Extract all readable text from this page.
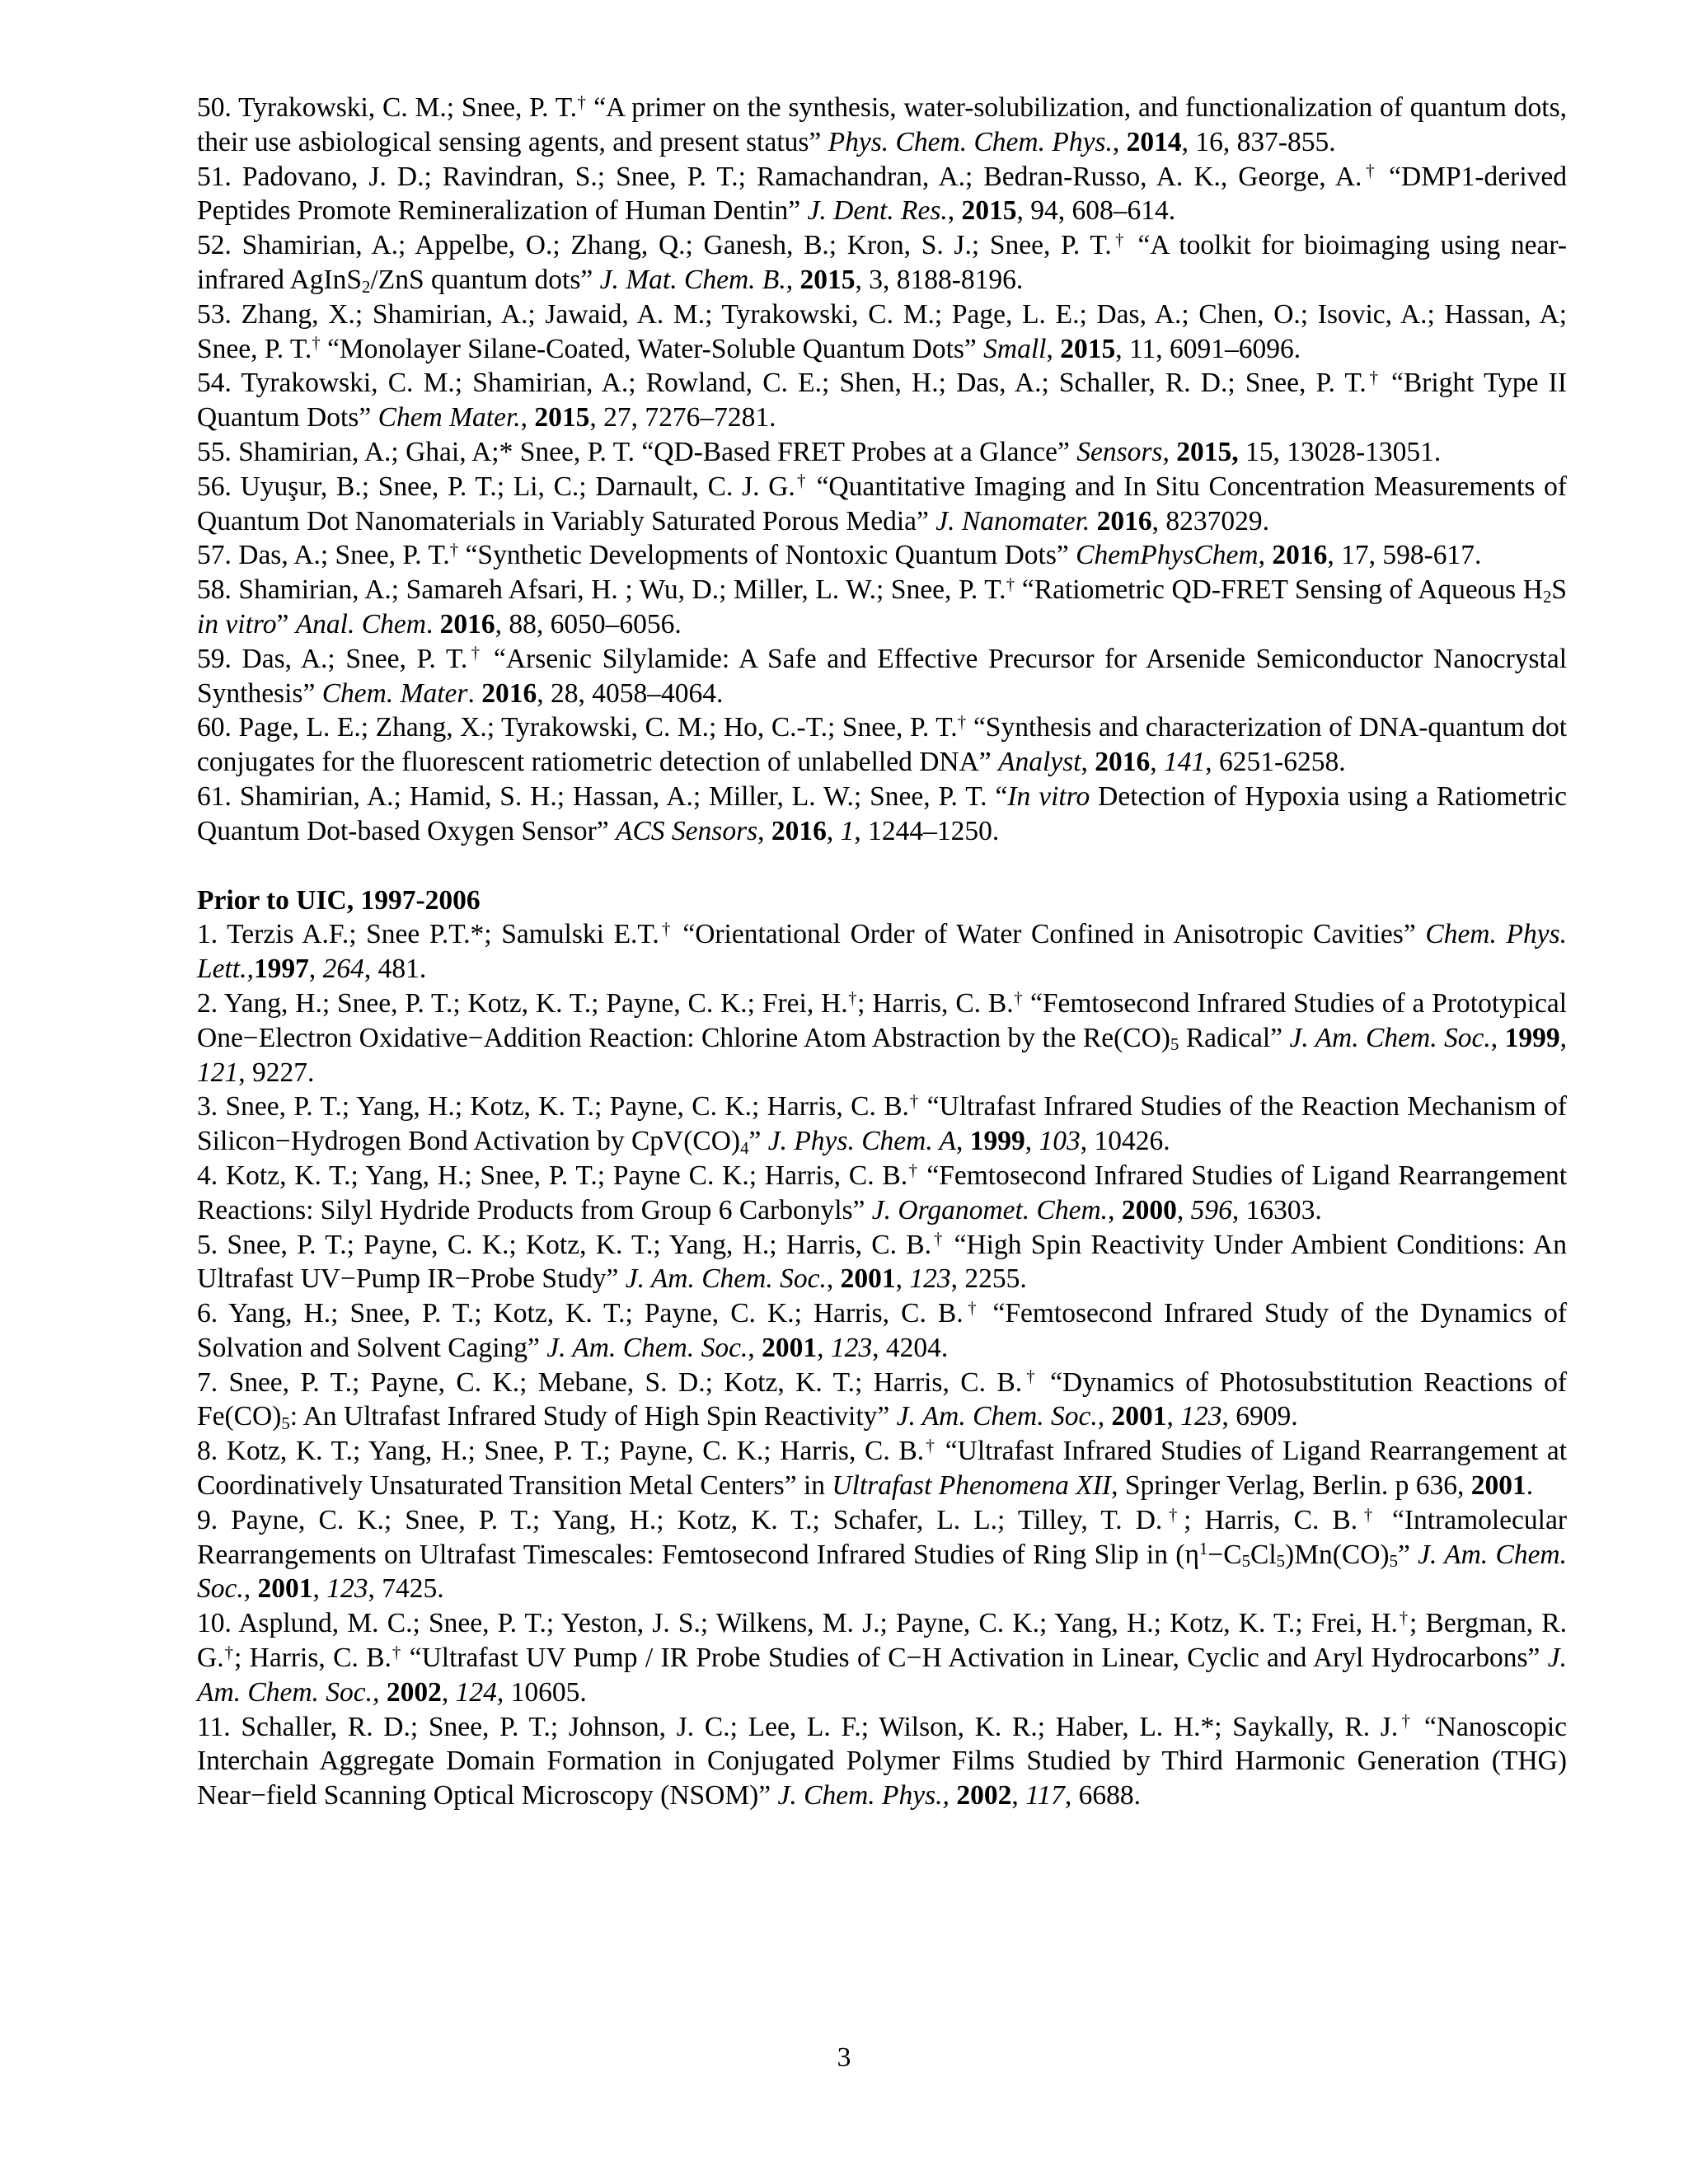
50. Tyrakowski, C. M.; Snee, P. T.† “A primer on the synthesis, water-solubilization, and functionalization of quantum dots, their use asbiological sensing agents, and present status” Phys. Chem. Chem. Phys., 2014, 16, 837-855.

51. Padovano, J. D.; Ravindran, S.; Snee, P. T.; Ramachandran, A.; Bedran-Russo, A. K., George, A.† “DMP1-derived Peptides Promote Remineralization of Human Dentin” J. Dent. Res., 2015, 94, 608–614.

52. Shamirian, A.; Appelbe, O.; Zhang, Q.; Ganesh, B.; Kron, S. J.; Snee, P. T.† “A toolkit for bioimaging using near-infrared AgInS$_2$/ZnS quantum dots” J. Mat. Chem. B., 2015, 3, 8188-8196.

53. Zhang, X.; Shamirian, A.; Jawaid, A. M.; Tyrakowski, C. M.; Page, L. E.; Das, A.; Chen, O.; Isovic, A.; Hassan, A; Snee, P. T.† “Monolayer Silane-Coated, Water-Soluble Quantum Dots” Small, 2015, 11, 6091–6096.

54. Tyrakowski, C. M.; Shamirian, A.; Rowland, C. E.; Shen, H.; Das, A.; Schaller, R. D.; Snee, P. T.† “Bright Type II Quantum Dots” Chem Mater., 2015, 27, 7276–7281.

55. Shamirian, A.; Ghai, A;* Snee, P. T. “QD-Based FRET Probes at a Glance” Sensors, 2015, 15, 13028-13051.

56. Uyuşur, B.; Snee, P. T.; Li, C.; Darnault, C. J. G.† “Quantitative Imaging and In Situ Concentration Measurements of Quantum Dot Nanomaterials in Variably Saturated Porous Media” J. Nanomater. 2016, 8237029.

57. Das, A.; Snee, P. T.† “Synthetic Developments of Nontoxic Quantum Dots” ChemPhysChem, 2016, 17, 598-617.

58. Shamirian, A.; Samareh Afsari, H. ; Wu, D.; Miller, L. W.; Snee, P. T.† “Ratiometric QD-FRET Sensing of Aqueous $H_2S$ in vitro” Anal. Chem. 2016, 88, 6050–6056.

59. Das, A.; Snee, P. T.† “Arsenic Silylamide: A Safe and Effective Precursor for Arsenide Semiconductor Nanocrystal Synthesis” Chem. Mater. 2016, 28, 4058–4064.

60. Page, L. E.; Zhang, X.; Tyrakowski, C. M.; Ho, C.-T.; Snee, P. T.† “Synthesis and characterization of DNA-quantum dot conjugates for the fluorescent ratiometric detection of unlabelled DNA” Analyst, 2016, 141, 6251-6258.

61. Shamirian, A.; Hamid, S. H.; Hassan, A.; Miller, L. W.; Snee, P. T. “In vitro Detection of Hypoxia using a Ratiometric Quantum Dot-based Oxygen Sensor” ACS Sensors, 2016, 1, 1244–1250.

Prior to UIC, 1997-2006

1. Terzis A.F.; Snee P.T.*; Samulski E.T.† “Orientational Order of Water Confined in Anisotropic Cavities” Chem. Phys. Lett.,1997, 264, 481.

2. Yang, H.; Snee, P. T.; Kotz, K. T.; Payne, C. K.; Frei, H.†; Harris, C. B.† “Femtosecond Infrared Studies of a Prototypical One−Electron Oxidative−Addition Reaction: Chlorine Atom Abstraction by the $Re(CO)_5$ Radical” J. Am. Chem. Soc., 1999, 121, 9227.

3. Snee, P. T.; Yang, H.; Kotz, K. T.; Payne, C. K.; Harris, C. B.† “Ultrafast Infrared Studies of the Reaction Mechanism of Silicon−Hydrogen Bond Activation by $CpV(CO)_4$” J. Phys. Chem. A, 1999, 103, 10426.

4. Kotz, K. T.; Yang, H.; Snee, P. T.; Payne C. K.; Harris, C. B.† “Femtosecond Infrared Studies of Ligand Rearrangement Reactions: Silyl Hydride Products from Group 6 Carbonyls” J. Organomet. Chem., 2000, 596, 16303.

5. Snee, P. T.; Payne, C. K.; Kotz, K. T.; Yang, H.; Harris, C. B.† “High Spin Reactivity Under Ambient Conditions: An Ultrafast UV−Pump IR−Probe Study” J. Am. Chem. Soc., 2001, 123, 2255.

6. Yang, H.; Snee, P. T.; Kotz, K. T.; Payne, C. K.; Harris, C. B.† “Femtosecond Infrared Study of the Dynamics of Solvation and Solvent Caging” J. Am. Chem. Soc., 2001, 123, 4204.

7. Snee, P. T.; Payne, C. K.; Mebane, S. D.; Kotz, K. T.; Harris, C. B.† “Dynamics of Photosubstitution Reactions of $Fe(CO)_5$: An Ultrafast Infrared Study of High Spin Reactivity” J. Am. Chem. Soc., 2001, 123, 6909.

8. Kotz, K. T.; Yang, H.; Snee, P. T.; Payne, C. K.; Harris, C. B.† “Ultrafast Infrared Studies of Ligand Rearrangement at Coordinatively Unsaturated Transition Metal Centers” in Ultrafast Phenomena XII, Springer Verlag, Berlin. p 636, 2001.

9. Payne, C. K.; Snee, P. T.; Yang, H.; Kotz, K. T.; Schafer, L. L.; Tilley, T. D.†; Harris, C. B.† “Intramolecular Rearrangements on Ultrafast Timescales: Femtosecond Infrared Studies of Ring Slip in $(\eta^1-C_5Cl_5)Mn(CO)_5$” J. Am. Chem. Soc., 2001, 123, 7425.

10. Asplund, M. C.; Snee, P. T.; Yeston, J. S.; Wilkens, M. J.; Payne, C. K.; Yang, H.; Kotz, K. T.; Frei, H.†; Bergman, R. G.†; Harris, C. B.† “Ultrafast UV Pump / IR Probe Studies of C−H Activation in Linear, Cyclic and Aryl Hydrocarbons” J. Am. Chem. Soc., 2002, 124, 10605.

11. Schaller, R. D.; Snee, P. T.; Johnson, J. C.; Lee, L. F.; Wilson, K. R.; Haber, L. H.*; Saykally, R. J.† “Nanoscopic Interchain Aggregate Domain Formation in Conjugated Polymer Films Studied by Third Harmonic Generation (THG) Near−field Scanning Optical Microscopy (NSOM)” J. Chem. Phys., 2002, 117, 6688.

3
